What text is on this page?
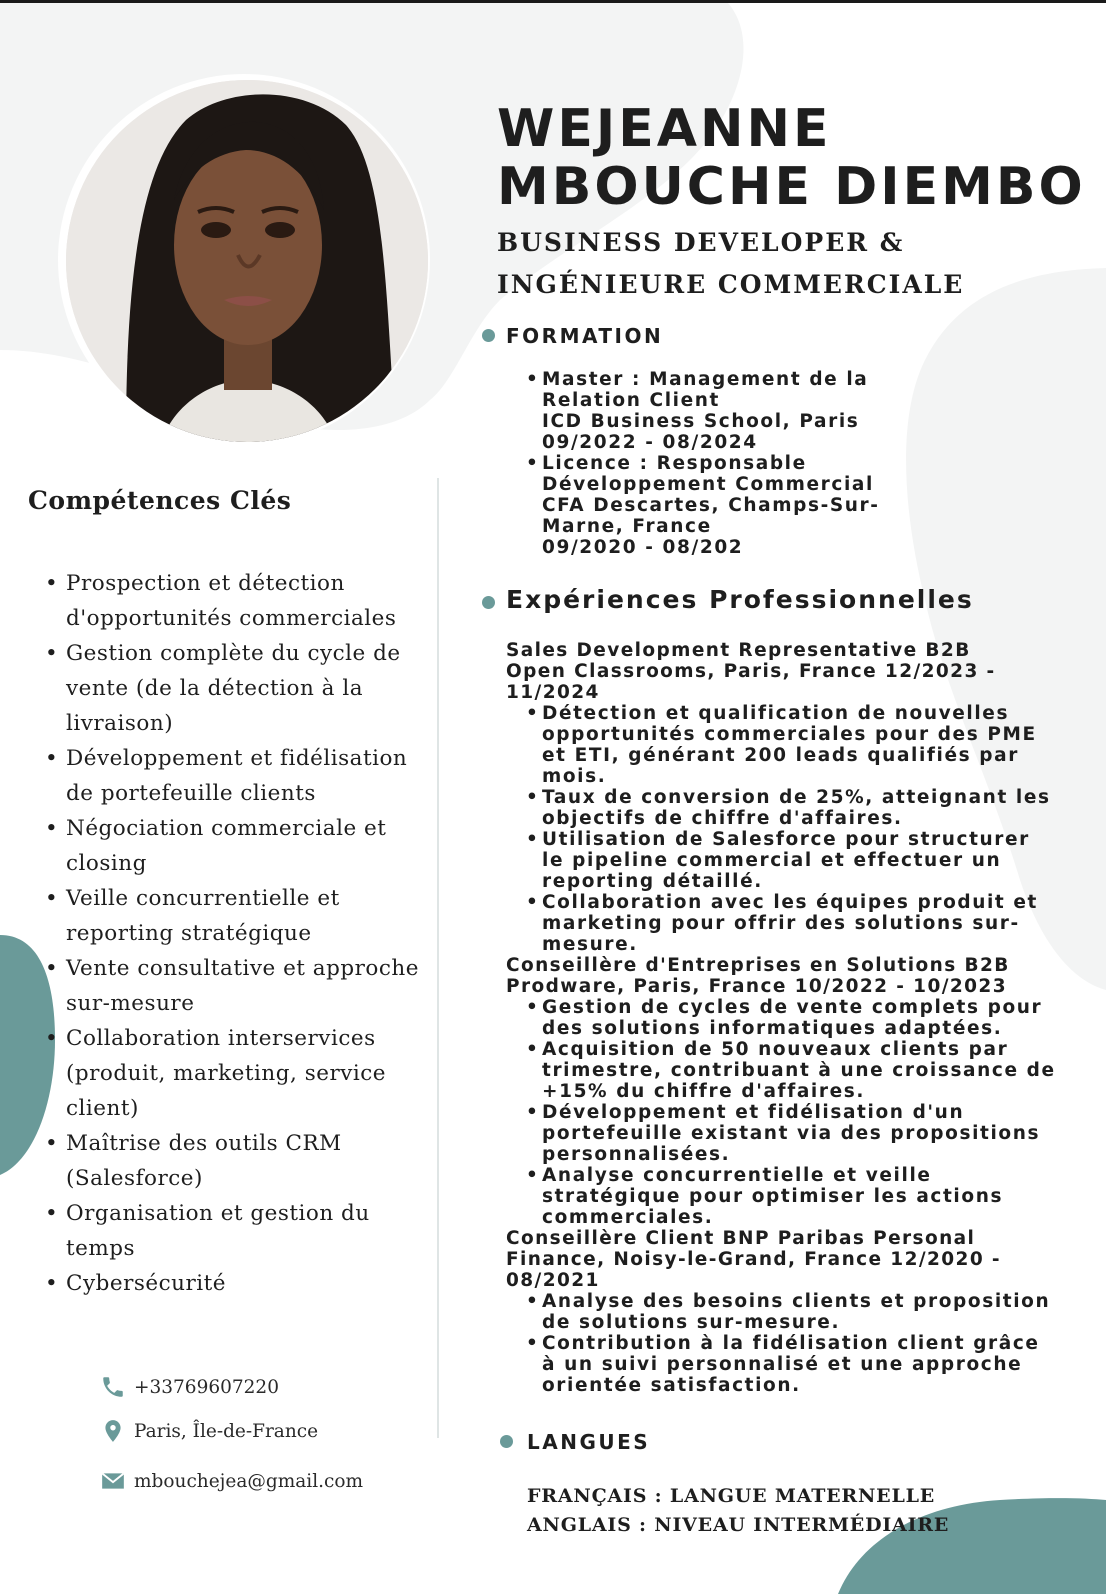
WEJEANNE
MBOUCHE DIEMBO
BUSINESS DEVELOPER &
INGÉNIEURE COMMERCIALE
FORMATION
• Master : Management de la
Relation Client
ICD Business School, Paris
09/2022 - 08/2024
• Licence : Responsable
Développement Commercial
CFA Descartes, Champs-Sur-
Marne, France
09/2020 - 08/202
Expériences Professionnelles
Sales Development Representative B2B
Open Classrooms, Paris, France 12/2023 -
11/2024
• Détection et qualification de nouvelles
opportunités commerciales pour des PME
et ETI, générant 200 leads qualifiés par
mois.
• Taux de conversion de 25%, atteignant les
objectifs de chiffre d'affaires.
• Utilisation de Salesforce pour structurer
le pipeline commercial et effectuer un
reporting détaillé.
• Collaboration avec les équipes produit et
marketing pour offrir des solutions sur-
mesure.
Conseillère d'Entreprises en Solutions B2B
Prodware, Paris, France 10/2022 - 10/2023
• Gestion de cycles de vente complets pour
des solutions informatiques adaptées.
• Acquisition de 50 nouveaux clients par
trimestre, contribuant à une croissance de
+15% du chiffre d'affaires.
• Développement et fidélisation d'un
portefeuille existant via des propositions
personnalisées.
• Analyse concurrentielle et veille
stratégique pour optimiser les actions
commerciales.
Conseillère Client BNP Paribas Personal
Finance, Noisy-le-Grand, France 12/2020 -
08/2021
• Analyse des besoins clients et proposition
de solutions sur-mesure.
• Contribution à la fidélisation client grâce
à un suivi personnalisé et une approche
orientée satisfaction.
LANGUES
FRANÇAIS : LANGUE MATERNELLE
ANGLAIS : NIVEAU INTERMÉDIAIRE
Compétences Clés
• Prospection et détection
d'opportunités commerciales
• Gestion complète du cycle de
vente (de la détection à la
livraison)
• Développement et fidélisation
de portefeuille clients
• Négociation commerciale et
closing
• Veille concurrentielle et
reporting stratégique
• Vente consultative et approche
sur-mesure
• Collaboration interservices
(produit, marketing, service
client)
• Maîtrise des outils CRM
(Salesforce)
• Organisation et gestion du
temps
• Cybersécurité
+33769607220
Paris, Île-de-France
mbouchejea@gmail.com
